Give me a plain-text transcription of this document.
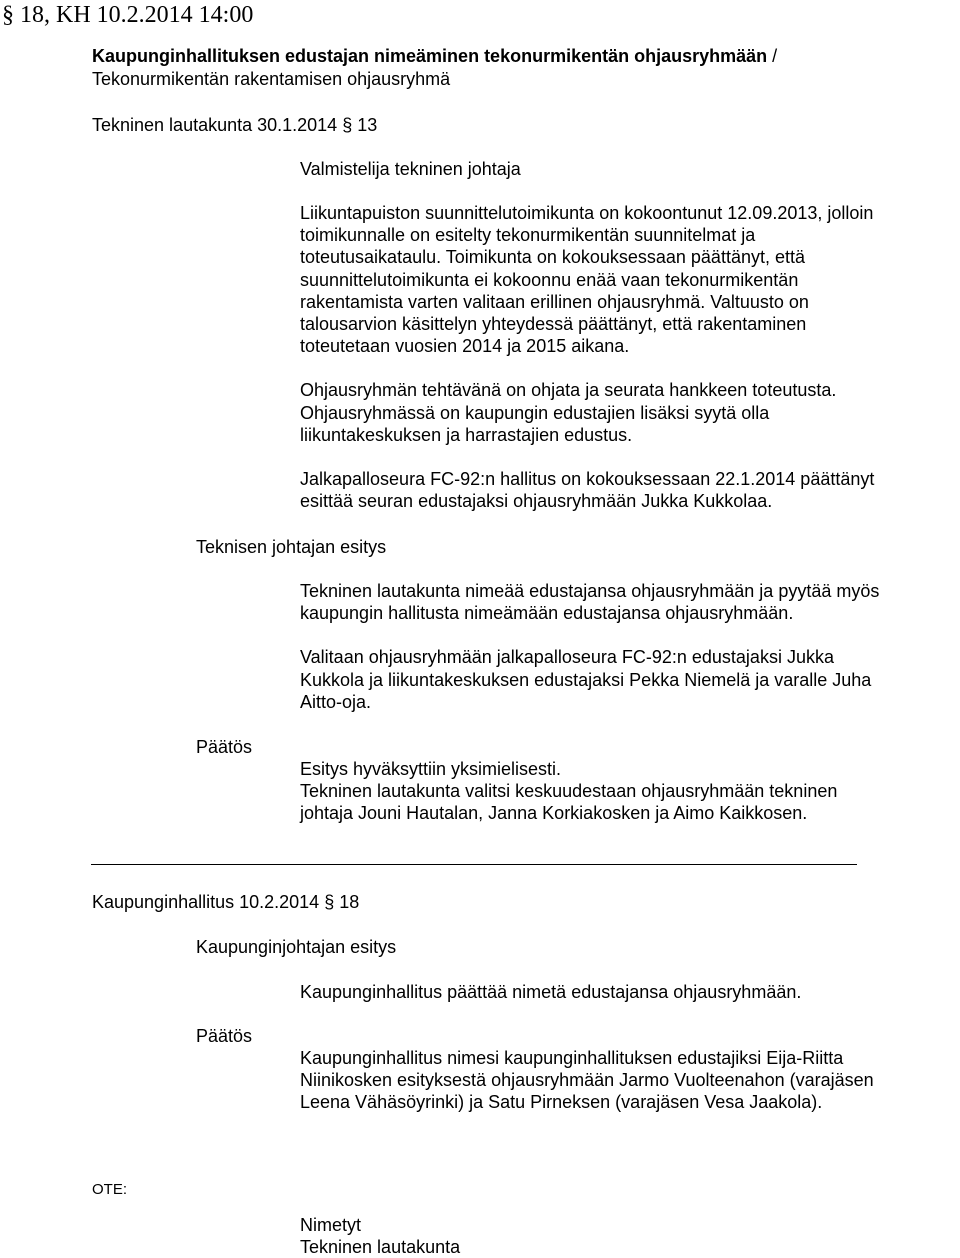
§ 18, KH 10.2.2014 14:00
Kaupunginhallituksen edustajan nimeäminen tekonurmikentän ohjausryhmään / Tekonurmikentän rakentamisen ohjausryhmä
Tekninen lautakunta 30.1.2014 § 13
Valmistelija tekninen johtaja

Liikuntapuiston suunnittelutoimikunta on kokoontunut 12.09.2013, jolloin toimikunnalle on esitelty tekonurmikentän suunnitelmat ja toteutusaikataulu. Toimikunta on kokouksessaan päättänyt, että suunnittelutoimikunta ei kokoonnu enää vaan tekonurmikentän rakentamista varten valitaan erillinen ohjausryhmä. Valtuusto on talousarvion käsittelyn yhteydessä päättänyt, että rakentaminen toteutetaan vuosien 2014 ja 2015 aikana.

Ohjausryhmän tehtävänä on ohjata ja seurata hankkeen toteutusta. Ohjausryhmässä on kaupungin edustajien lisäksi syytä olla liikuntakeskuksen ja harrastajien edustus.

Jalkapalloseura FC-92:n hallitus on kokouksessaan 22.1.2014 päättänyt esittää seuran edustajaksi ohjausryhmään Jukka Kukkolaa.

Teknisen johtajan esitys

Tekninen lautakunta nimeää edustajansa ohjausryhmään ja pyytää myös kaupungin hallitusta nimeämään edustajansa ohjausryhmään.

Valitaan ohjausryhmään jalkapalloseura FC-92:n edustajaksi Jukka Kukkola ja liikuntakeskuksen edustajaksi Pekka Niemelä ja varalle Juha Aitto-oja.

Päätös

Esitys hyväksyttiin yksimielisesti.

Tekninen lautakunta valitsi keskuudestaan ohjausryhmään tekninen johtaja Jouni Hautalan, Janna Korkiakosken ja Aimo Kaikkosen.

Kaupunginhallitus 10.2.2014 § 18
Kaupunginjohtajan esitys

Kaupunginhallitus päättää nimetä edustajansa ohjausryhmään.

Päätös

Kaupunginhallitus nimesi kaupunginhallituksen edustajiksi Eija-Riitta Niinikosken esityksestä ohjausryhmään Jarmo Vuolteenahon (varajäsen Leena Vähäsöyrinki) ja Satu Pirneksen (varajäsen Vesa Jaakola).

OTE:
Nimetyt
Tekninen lautakunta
